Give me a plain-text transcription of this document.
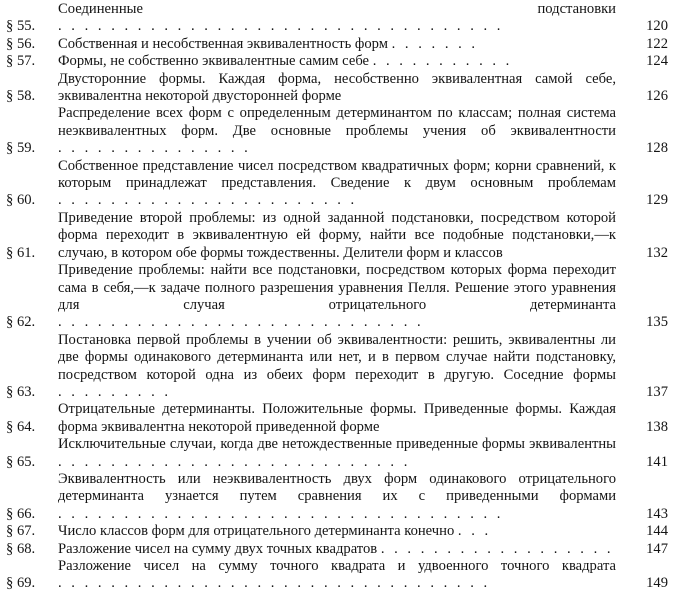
§ 55.
Соединенные подстановки . . . . . . . . . . . . . . . . . . . . . . . . . . . . . . . . . .	120
§ 56.	Собственная и несобственная эквивалентность форм . . . . . . .	122
§ 57.	Формы, не собственно эквивалентные самим себе . . . . . . . . . . .	124
§ 58.
Двусторонние формы. Каждая форма, несобственно эквивалентная самой себе, эквивалентна некоторой двусторонней форме	126
§ 59.
Распределение всех форм с определенным детерминантом по классам; полная система неэквивалентных форм. Две основные проблемы учения об эквивалентности . . . . . . . . . . . . . . .	128
§ 60.
Собственное представление чисел посредством квадратичных форм; корни сравнений, к которым принадлежат представления. Сведение к двум основным проблемам . . . . . . . . . . . . . . . . . . . . . . .	129
§ 61.
Приведение второй проблемы: из одной заданной подстановки, посредством которой форма переходит в эквивалентную ей форму, найти все подобные подстановки,—к случаю, в котором обе формы тождественны. Делители форм и классов	132
§ 62.
Приведение проблемы: найти все подстановки, посредством которых форма переходит сама в себя,—к задаче полного разрешения уравнения Пелля. Решение этого уравнения для случая отрицательного детерминанта . . . . . . . . . . . . . . . . . . . . . . . . . . . .	135
§ 63.
Постановка первой проблемы в учении об эквивалентности: решить, эквивалентны ли две формы одинакового детерминанта или нет, и в первом случае найти подстановку, посредством которой одна из обеих форм переходит в другую. Соседние формы . . . . . . . . .	137
§ 64.
Отрицательные детерминанты. Положительные формы. Приведенные формы. Каждая форма эквивалентна некоторой приведенной форме	138
§ 65.
Исключительные случаи, когда две нетождественные приведенные формы эквивалентны . . . . . . . . . . . . . . . . . . . . . . . . . . .	141
§ 66.
Эквивалентность или неэквивалентность двух форм одинакового отрицательного детерминанта узнается путем сравнения их с приведенными формами . . . . . . . . . . . . . . . . . . . . . . . . . . . . . . . . . .	143
§ 67.	Число классов форм для отрицательного детерминанта конечно . . .	144
§ 68.	Разложение чисел на сумму двух точных квадратов . . . . . . . . . . . . . . . . . .	147
§ 69.
Разложение чисел на сумму точного квадрата и удвоенного точного квадрата . . . . . . . . . . . . . . . . . . . . . . . . . . . . . . . . .	149
